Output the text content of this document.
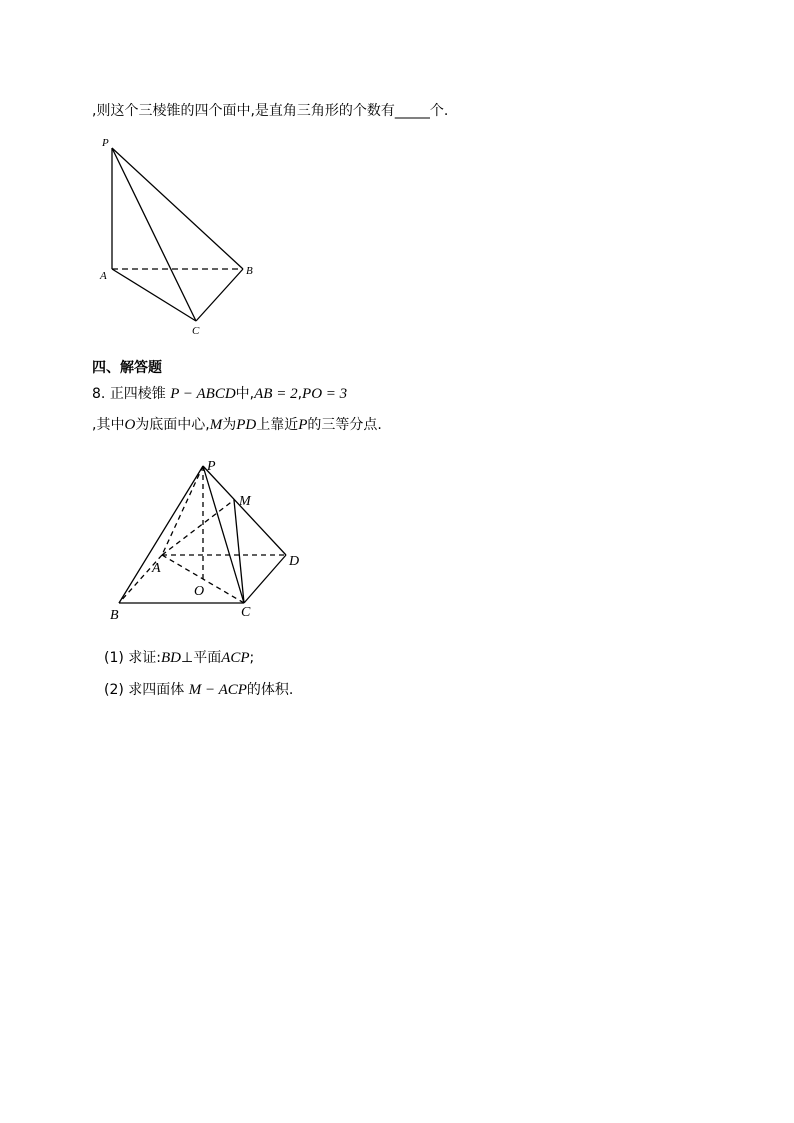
,则这个三棱锥的四个面中,是直角三角形的个数有_____个.
P
A	B
C
四、解答题
8. 正四棱锥 P − ABCD中,AB = 2,PO = 3
,其中O为底面中心,M为PD上靠近P的三等分点.
P
M
A	D
O
B	C
(1) 求证:BD⊥平面ACP;
(2) 求四面体 M − ACP的体积.
